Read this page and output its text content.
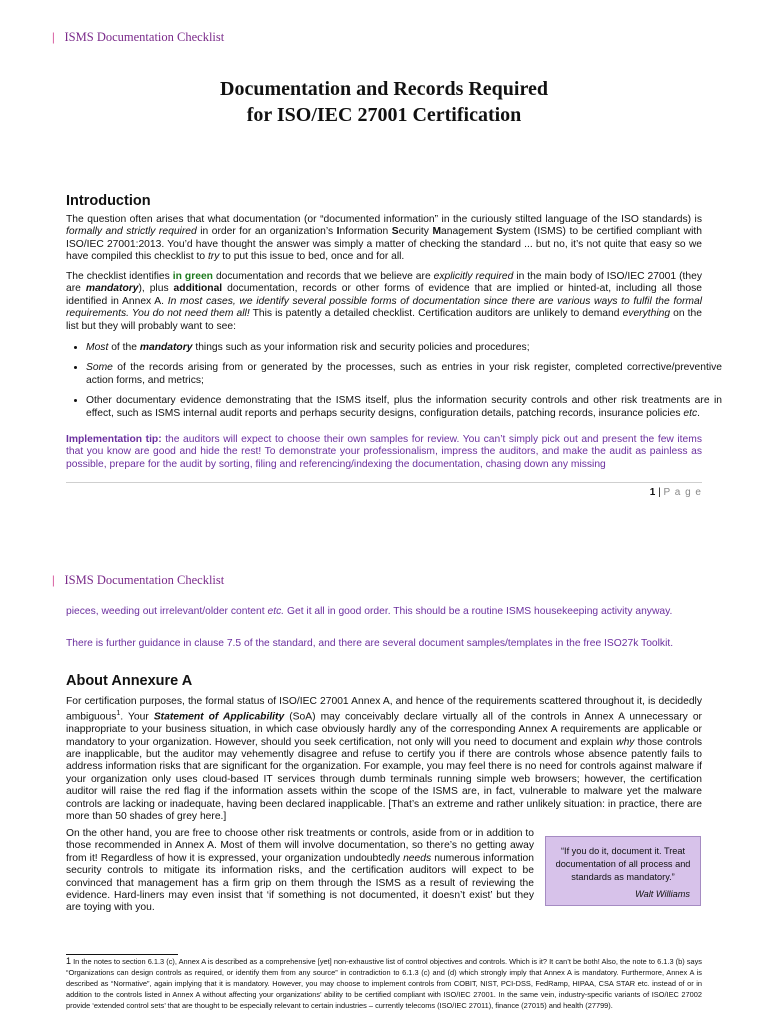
| ISMS Documentation Checklist
Documentation and Records Required
for ISO/IEC 27001 Certification
Introduction

The question often arises that what documentation (or “documented information” in the curiously stilted language of the ISO standards) is formally and strictly required in order for an organization’s Information Security Management System (ISMS) to be certified compliant with ISO/IEC 27001:2013. You’d have thought the answer was simply a matter of checking the standard ... but no, it’s not quite that easy so we have compiled this checklist to try to put this issue to bed, once and for all.

The checklist identifies in green documentation and records that we believe are explicitly required in the main body of ISO/IEC 27001 (they are mandatory), plus additional documentation, records or other forms of evidence that are implied or hinted-at, including all those identified in Annex A. In most cases, we identify several possible forms of documentation since there are various ways to fulfil the formal requirements. You do not need them all! This is patently a detailed checklist. Certification auditors are unlikely to demand everything on the list but they will probably want to see:

• Most of the mandatory things such as your information risk and security policies and procedures;
• Some of the records arising from or generated by the processes, such as entries in your risk register, completed corrective/preventive action forms, and metrics;
• Other documentary evidence demonstrating that the ISMS itself, plus the information security controls and other risk treatments are in effect, such as ISMS internal audit reports and perhaps security designs, configuration details, patching records, insurance policies etc.

Implementation tip: the auditors will expect to choose their own samples for review. You can’t simply pick out and present the few items that you know are good and hide the rest! To demonstrate your professionalism, impress the auditors, and make the audit as painless as possible, prepare for the audit by sorting, filing and referencing/indexing the documentation, chasing down any missing

1 | P a g e
| ISMS Documentation Checklist

pieces, weeding out irrelevant/older content etc. Get it all in good order. This should be a routine ISMS housekeeping activity anyway.

There is further guidance in clause 7.5 of the standard, and there are several document samples/templates in the free ISO27k Toolkit.

About Annexure A

For certification purposes, the formal status of ISO/IEC 27001 Annex A, and hence of the requirements scattered throughout it, is decidedly ambiguous$^1$. Your Statement of Applicability (SoA) may conceivably declare virtually all of the controls in Annex A unnecessary or inappropriate to your business situation, in which case obviously hardly any of the corresponding Annex A requirements are applicable or mandatory to your organization. However, should you seek certification, not only will you need to document and explain why those controls are inapplicable, but the auditor may vehemently disagree and refuse to certify you if there are controls whose absence patently fails to address information risks that are significant for the organization. For example, you may feel there is no need for controls against malware if your organization only uses cloud-based IT services through dumb terminals running simple web browsers; however, the certification auditor will raise the red flag if the information assets within the scope of the ISMS are, in fact, vulnerable to malware yet the malware controls are lacking or inadequate, having been declared inapplicable. [That’s an extreme and rather unlikely situation: in practice, there are more than 50 shades of grey here.]

On the other hand, you are free to choose other risk treatments or controls, aside from or in addition to those recommended in Annex A. Most of them will involve documentation, so there’s no getting away from it! Regardless of how it is expressed, your organization undoubtedly needs numerous information security controls to mitigate its information risks, and the certification auditors will expect to be convinced that management has a firm grip on them through the ISMS as a result of reviewing the evidence. Hard-liners may even insist that ‘if something is not documented, it doesn’t exist’ but they are toying with you.

“If you do it, document it. Treat documentation of all process and standards as mandatory.”
Walt Williams

1 In the notes to section 6.1.3 (c), Annex A is described as a comprehensive [yet] non-exhaustive list of control objectives and controls. Which is it? It can’t be both! Also, the note to 6.1.3 (b) says “Organizations can design controls as required, or identify them from any source” in contradiction to 6.1.3 (c) and (d) which strongly imply that Annex A is mandatory. Furthermore, Annex A is described as “Normative”, again implying that it is mandatory. However, you may choose to implement controls from COBIT, NIST, PCI-DSS, FedRamp, HIPAA, CSA STAR etc. instead of or in addition to the controls listed in Annex A without affecting your organizations’ ability to be certified compliant with ISO/IEC 27001. In the same vein, industry-specific variants of ISO/IEC 27002 provide ‘extended control sets’ that are thought to be especially relevant to certain industries – currently telecoms (ISO/IEC 27011), finance (27015) and health (27799).
